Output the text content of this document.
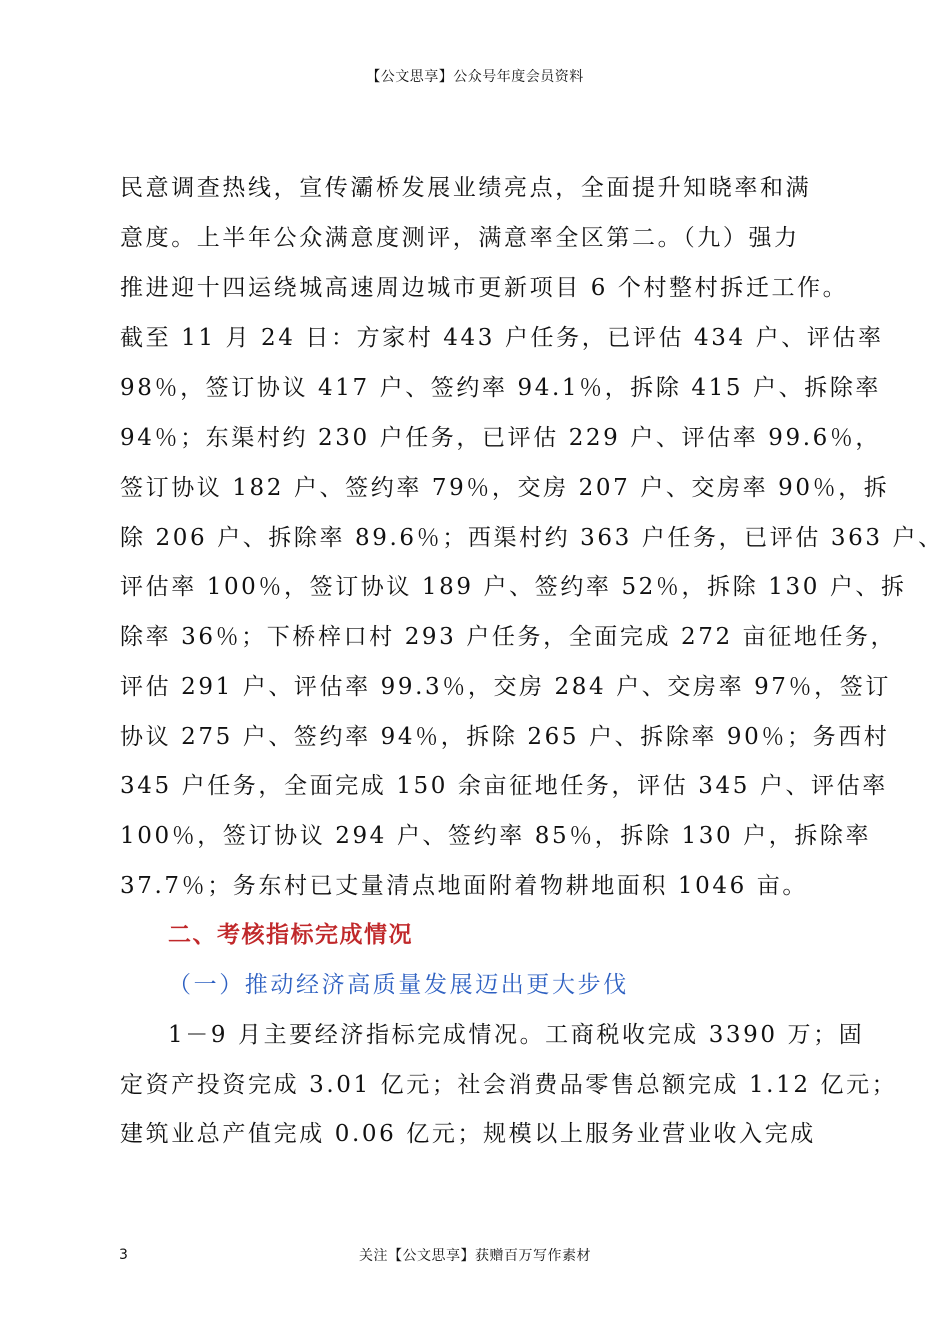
【公文思享】公众号年度会员资料
民意调查热线，宣传灞桥发展业绩亮点，全面提升知晓率和满
意度。上半年公众满意度测评，满意率全区第二。（九）强力
推进迎十四运绕城高速周边城市更新项目 6 个村整村拆迁工作。
截至 11 月 24 日：方家村 443 户任务，已评估 434 户、评估率
98％，签订协议 417 户、签约率 94.1％，拆除 415 户、拆除率
94％；东渠村约 230 户任务，已评估 229 户、评估率 99.6％，
签订协议 182 户、签约率 79％，交房 207 户、交房率 90％，拆
除 206 户、拆除率 89.6％；西渠村约 363 户任务，已评估 363 户、
评估率 100％，签订协议 189 户、签约率 52％，拆除 130 户、拆
除率 36％；下桥梓口村 293 户任务，全面完成 272 亩征地任务，
评估 291 户、评估率 99.3％，交房 284 户、交房率 97％，签订
协议 275 户、签约率 94％，拆除 265 户、拆除率 90％；务西村
345 户任务，全面完成 150 余亩征地任务，评估 345 户、评估率
100％，签订协议 294 户、签约率 85％，拆除 130 户，拆除率
37.7％；务东村已丈量清点地面附着物耕地面积 1046 亩。
二、考核指标完成情况
（一）推动经济高质量发展迈出更大步伐
1－9 月主要经济指标完成情况。工商税收完成 3390 万；固
定资产投资完成 3.01 亿元；社会消费品零售总额完成 1.12 亿元；
建筑业总产值完成 0.06 亿元；规模以上服务业营业收入完成
3	关注【公文思享】获赠百万写作素材
